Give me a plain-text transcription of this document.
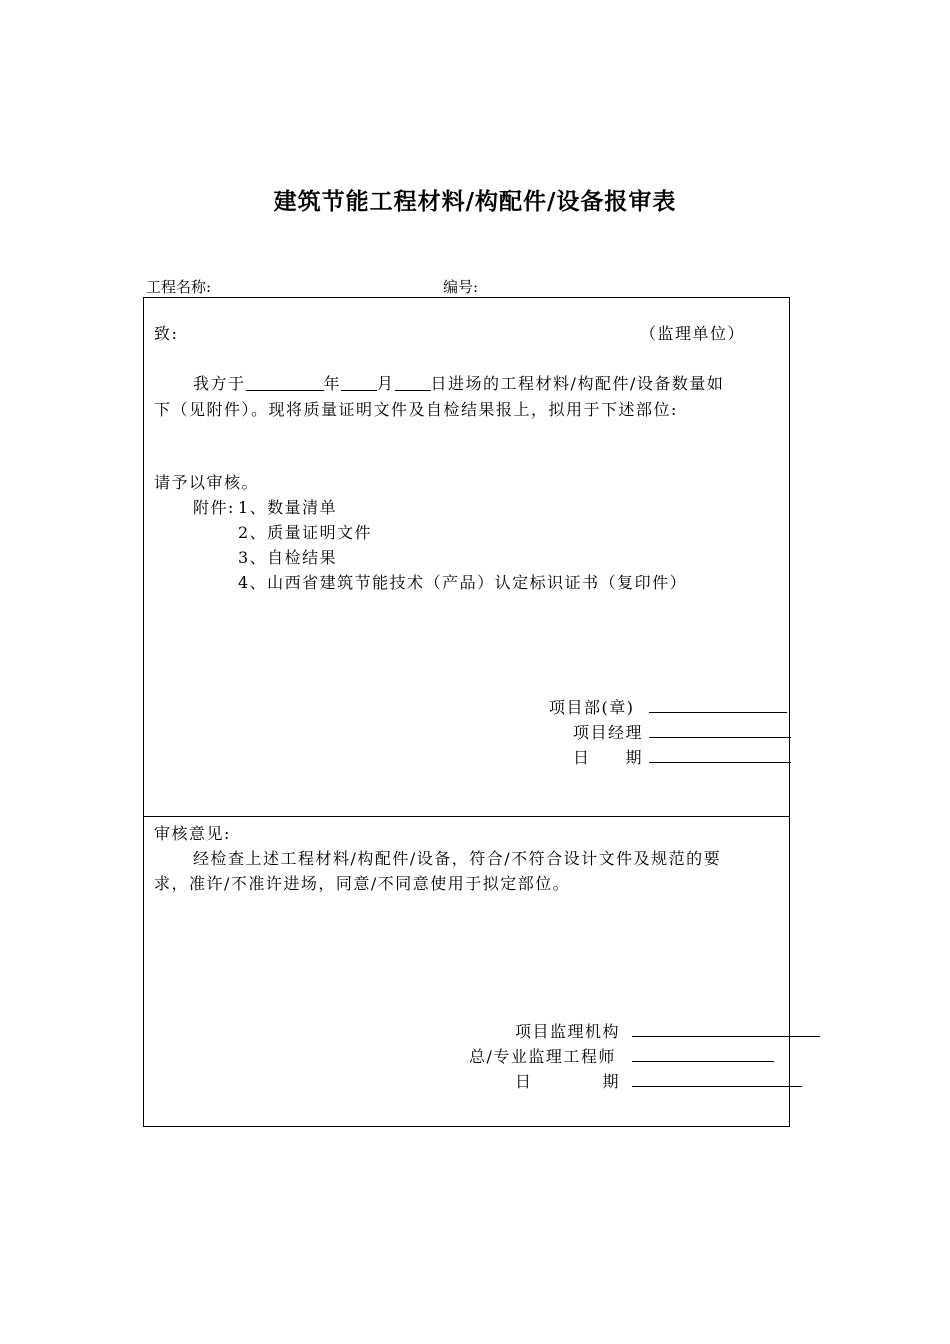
建筑节能工程材料/构配件/设备报审表
工程名称:	编号:
致:	（监理单位）
我方于	年 月 日进场的工程材料/构配件/设备数量如
下（见附件）。现将质量证明文件及自检结果报上，拟用于下述部位:
请予以审核。
附件: 1、数量清单
2、质量证明文件
3、自检结果
4、山西省建筑节能技术（产品）认定标识证书（复印件）
项目部(章)
项目经理
日　　期
审核意见:
经检查上述工程材料/构配件/设备，符合/不符合设计文件及规范的要
求，准许/不准许进场，同意/不同意使用于拟定部位。
项目监理机构
总/专业监理工程师
日　　　　期
